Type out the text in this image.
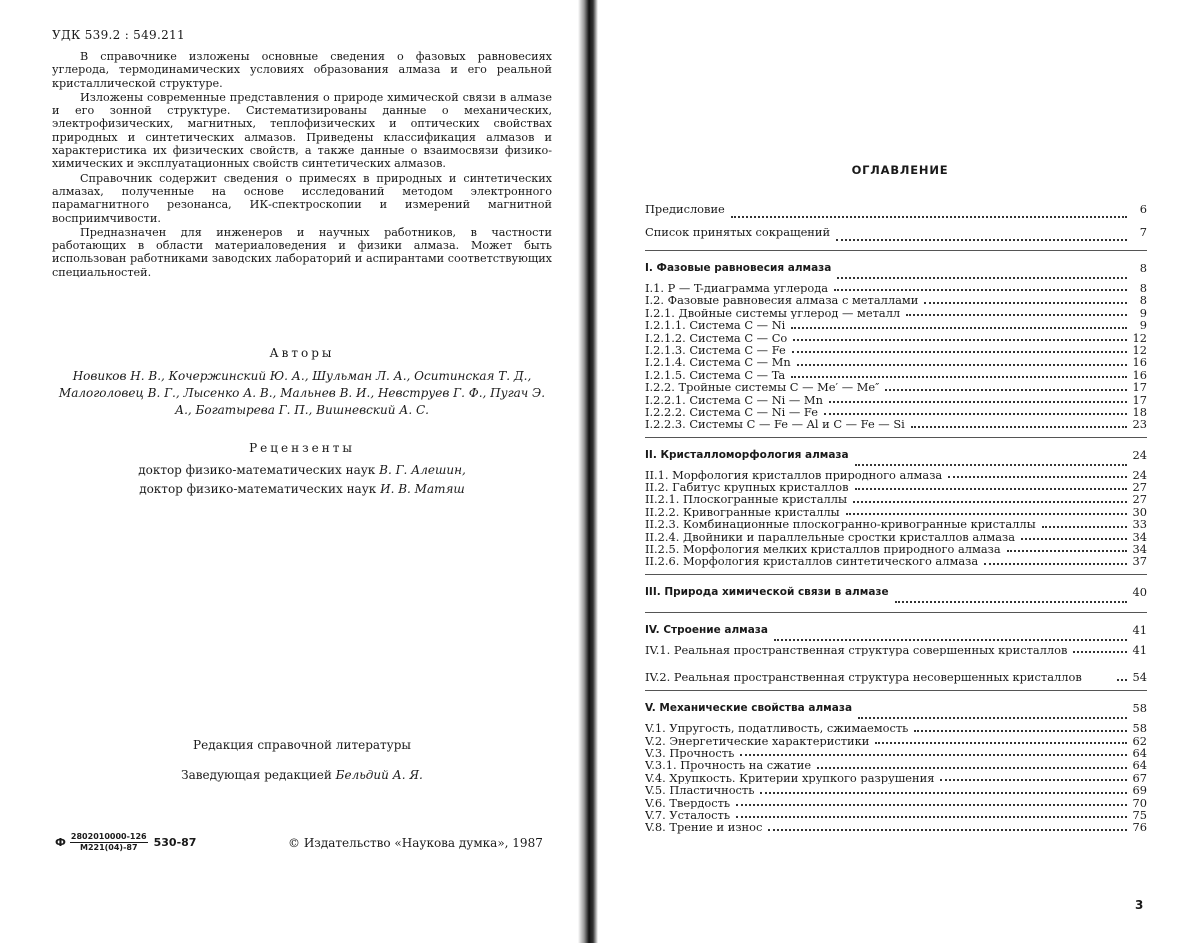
УДК 539.2 : 549.211

В справочнике изложены основные сведения о фазовых равновесиях углерода, термодинамических условиях образования алмаза и его реальной кристаллической структуре.

Изложены современные представления о природе химической связи в алмазе и его зонной структуре. Систематизированы данные о механических, электрофизических, магнитных, теплофизических и оптических свойствах природных и синтетических алмазов. Приведены классификация алмазов и характеристика их физических свойств, а также данные о взаимосвязи физико-химических и эксплуатационных свойств синтетических алмазов.

Справочник содержит сведения о примесях в природных и синтетических алмазах, полученные на основе исследований методом электронного парамагнитного резонанса, ИК-спектроскопии и измерений магнитной восприимчивости.

Предназначен для инженеров и научных работников, в частности работающих в области материаловедения и физики алмаза. Может быть использован работниками заводских лабораторий и аспирантами соответствующих специальностей.

Авторы

Новиков Н. В., Кочержинский Ю. А., Шульман Л. А., Оситинская Т. Д., Малоголовец В. Г., Лысенко А. В., Мальнев В. И., Невструев Г. Ф., Пугач Э. А., Богатырева Г. П., Вишневский А. С.

Рецензенты

доктор физико-математических наук В. Г. Алешин,

доктор физико-математических наук И. В. Матяш

Редакция справочной литературы

Заведующая редакцией Бельдий А. Я.

Ф $\frac{2802010000-126}{М221(04)-87} 530-87$	© Издательство «Наукова думка», 1987

ОГЛАВЛЕНИЕ

Предисловие	6
Список принятых сокращений	7
I. Фазовые равновесия алмаза	8
I.1. P — T-диаграмма углерода	8
I.2. Фазовые равновесия алмаза с металлами	8
I.2.1. Двойные системы углерод — металл	9
I.2.1.1. Система C — Ni	9
I.2.1.2. Система C — Co	12
I.2.1.3. Система C — Fe	12
I.2.1.4. Система C — Mn	16
I.2.1.5. Система C — Ta	16
I.2.2. Тройные системы C — Me′ — Me″	17
I.2.2.1. Система C — Ni — Mn	17
I.2.2.2. Система C — Ni — Fe	18
I.2.2.3. Системы C — Fe — Al и C — Fe — Si	23
II. Кристалломорфология алмаза	24
II.1. Морфология кристаллов природного алмаза	24
II.2. Габитус крупных кристаллов	27
II.2.1. Плоскогранные кристаллы	27
II.2.2. Кривогранные кристаллы	30
II.2.3. Комбинационные плоскогранно-кривогранные кристаллы	33
II.2.4. Двойники и параллельные сростки кристаллов алмаза	34
II.2.5. Морфология мелких кристаллов природного алмаза	34
II.2.6. Морфология кристаллов синтетического алмаза	37
III. Природа химической связи в алмазе	40
IV. Строение алмаза	41
IV.1. Реальная пространственная структура совершенных кристаллов	41
IV.2. Реальная пространственная структура несовершенных кристаллов	54
V. Механические свойства алмаза	58
V.1. Упругость, податливость, сжимаемость	58
V.2. Энергетические характеристики	62
V.3. Прочность	64
V.3.1. Прочность на сжатие	64
V.4. Хрупкость. Критерии хрупкого разрушения	67
V.5. Пластичность	69
V.6. Твердость	70
V.7. Усталость	75
V.8. Трение и износ	76

3
